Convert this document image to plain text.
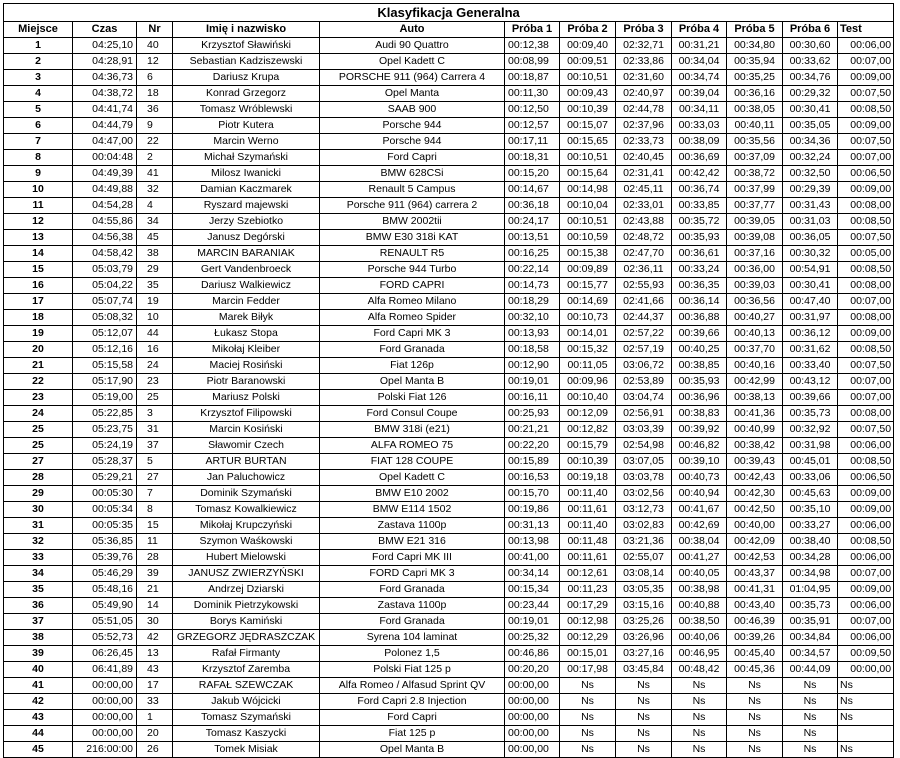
Klasyfikacja Generalna											
Miejsce	Czas	Nr	Imię i nazwisko	Auto	Próba 1	Próba 2	Próba 3	Próba 4	Próba 5	Próba 6	Test
1	04:25,10	40	Krzysztof Sławiński	Audi 90 Quattro	00:12,38	00:09,40	02:32,71	00:31,21	00:34,80	00:30,60	00:06,00
2	04:28,91	12	Sebastian Kadziszewski	Opel Kadett C	00:08,99	00:09,51	02:33,86	00:34,04	00:35,94	00:33,62	00:07,00
3	04:36,73	6	Dariusz Krupa	PORSCHE 911 (964) Carrera 4	00:18,87	00:10,51	02:31,60	00:34,74	00:35,25	00:34,76	00:09,00
4	04:38,72	18	Konrad Grzegorz	Opel Manta	00:11,30	00:09,43	02:40,97	00:39,04	00:36,16	00:29,32	00:07,50
5	04:41,74	36	Tomasz Wróblewski	SAAB 900	00:12,50	00:10,39	02:44,78	00:34,11	00:38,05	00:30,41	00:08,50
6	04:44,79	9	Piotr Kutera	Porsche 944	00:12,57	00:15,07	02:37,96	00:33,03	00:40,11	00:35,05	00:09,00
7	04:47,00	22	Marcin Werno	Porsche 944	00:17,11	00:15,65	02:33,73	00:38,09	00:35,56	00:34,36	00:07,50
8	00:04:48	2	Michał Szymański	Ford Capri	00:18,31	00:10,51	02:40,45	00:36,69	00:37,09	00:32,24	00:07,00
9	04:49,39	41	Milosz Iwanicki	BMW 628CSi	00:15,20	00:15,64	02:31,41	00:42,42	00:38,72	00:32,50	00:06,50
10	04:49,88	32	Damian Kaczmarek	Renault 5 Campus	00:14,67	00:14,98	02:45,11	00:36,74	00:37,99	00:29,39	00:09,00
11	04:54,28	4	Ryszard majewski	Porsche 911 (964) carrera 2	00:36,18	00:10,04	02:33,01	00:33,85	00:37,77	00:31,43	00:08,00
12	04:55,86	34	Jerzy Szebiotko	BMW 2002tii	00:24,17	00:10,51	02:43,88	00:35,72	00:39,05	00:31,03	00:08,50
13	04:56,38	45	Janusz Degórski	BMW E30 318i KAT	00:13,51	00:10,59	02:48,72	00:35,93	00:39,08	00:36,05	00:07,50
14	04:58,42	38	MARCIN BARANIAK	RENAULT R5	00:16,25	00:15,38	02:47,70	00:36,61	00:37,16	00:30,32	00:05,00
15	05:03,79	29	Gert Vandenbroeck	Porsche 944 Turbo	00:22,14	00:09,89	02:36,11	00:33,24	00:36,00	00:54,91	00:08,50
16	05:04,22	35	Dariusz Walkiewicz	FORD CAPRI	00:14,73	00:15,77	02:55,93	00:36,35	00:39,03	00:30,41	00:08,00
17	05:07,74	19	Marcin Fedder	Alfa Romeo Milano	00:18,29	00:14,69	02:41,66	00:36,14	00:36,56	00:47,40	00:07,00
18	05:08,32	10	Marek Biłyk	Alfa Romeo Spider	00:32,10	00:10,73	02:44,37	00:36,88	00:40,27	00:31,97	00:08,00
19	05:12,07	44	Łukasz Stopa	Ford Capri MK 3	00:13,93	00:14,01	02:57,22	00:39,66	00:40,13	00:36,12	00:09,00
20	05:12,16	16	Mikołaj Kleiber	Ford Granada	00:18,58	00:15,32	02:57,19	00:40,25	00:37,70	00:31,62	00:08,50
21	05:15,58	24	Maciej Rosiński	Fiat 126p	00:12,90	00:11,05	03:06,72	00:38,85	00:40,16	00:33,40	00:07,50
22	05:17,90	23	Piotr Baranowski	Opel Manta B	00:19,01	00:09,96	02:53,89	00:35,93	00:42,99	00:43,12	00:07,00
23	05:19,00	25	Mariusz Polski	Polski Fiat 126	00:16,11	00:10,40	03:04,74	00:36,96	00:38,13	00:39,66	00:07,00
24	05:22,85	3	Krzysztof Filipowski	Ford Consul Coupe	00:25,93	00:12,09	02:56,91	00:38,83	00:41,36	00:35,73	00:08,00
25	05:23,75	31	Marcin Kosiński	BMW 318i (e21)	00:21,21	00:12,82	03:03,39	00:39,92	00:40,99	00:32,92	00:07,50
25	05:24,19	37	Sławomir Czech	ALFA ROMEO 75	00:22,20	00:15,79	02:54,98	00:46,82	00:38,42	00:31,98	00:06,00
27	05:28,37	5	ARTUR BURTAN	FIAT 128 COUPE	00:15,89	00:10,39	03:07,05	00:39,10	00:39,43	00:45,01	00:08,50
28	05:29,21	27	Jan Paluchowicz	Opel Kadett C	00:16,53	00:19,18	03:03,78	00:40,73	00:42,43	00:33,06	00:06,50
29	00:05:30	7	Dominik Szymański	BMW E10 2002	00:15,70	00:11,40	03:02,56	00:40,94	00:42,30	00:45,63	00:09,00
30	00:05:34	8	Tomasz Kowalkiewicz	BMW E114 1502	00:19,86	00:11,61	03:12,73	00:41,67	00:42,50	00:35,10	00:09,00
31	00:05:35	15	Mikołaj Krupczyński	Zastava 1100p	00:31,13	00:11,40	03:02,83	00:42,69	00:40,00	00:33,27	00:06,00
32	05:36,85	11	Szymon Waśkowski	BMW E21 316	00:13,98	00:11,48	03:21,36	00:38,04	00:42,09	00:38,40	00:08,50
33	05:39,76	28	Hubert Mielowski	Ford Capri MK III	00:41,00	00:11,61	02:55,07	00:41,27	00:42,53	00:34,28	00:06,00
34	05:46,29	39	JANUSZ ZWIERZYŃSKI	FORD Capri MK 3	00:34,14	00:12,61	03:08,14	00:40,05	00:43,37	00:34,98	00:07,00
35	05:48,16	21	Andrzej Dziarski	Ford Granada	00:15,34	00:11,23	03:05,35	00:38,98	00:41,31	01:04,95	00:09,00
36	05:49,90	14	Dominik Pietrzykowski	Zastava 1100p	00:23,44	00:17,29	03:15,16	00:40,88	00:43,40	00:35,73	00:06,00
37	05:51,05	30	Borys Kamiński	Ford Granada	00:19,01	00:12,98	03:25,26	00:38,50	00:46,39	00:35,91	00:07,00
38	05:52,73	42	GRZEGORZ JĘDRASZCZAK	Syrena 104 laminat	00:25,32	00:12,29	03:26,96	00:40,06	00:39,26	00:34,84	00:06,00
39	06:26,45	13	Rafał Firmanty	Polonez 1,5	00:46,86	00:15,01	03:27,16	00:46,95	00:45,40	00:34,57	00:09,50
40	06:41,89	43	Krzysztof Zaremba	Polski Fiat 125 p	00:20,20	00:17,98	03:45,84	00:48,42	00:45,36	00:44,09	00:00,00
41	00:00,00	17	RAFAŁ SZEWCZAK	Alfa Romeo / Alfasud Sprint QV	00:00,00	Ns	Ns	Ns	Ns	Ns	Ns
42	00:00,00	33	Jakub Wójcicki	Ford Capri 2.8 Injection	00:00,00	Ns	Ns	Ns	Ns	Ns	Ns
43	00:00,00	1	Tomasz Szymański	Ford Capri	00:00,00	Ns	Ns	Ns	Ns	Ns	Ns
44	00:00,00	20	Tomasz Kaszycki	Fiat 125 p	00:00,00	Ns	Ns	Ns	Ns	Ns	
45	216:00:00	26	Tomek Misiak	Opel Manta B	00:00,00	Ns	Ns	Ns	Ns	Ns	Ns
